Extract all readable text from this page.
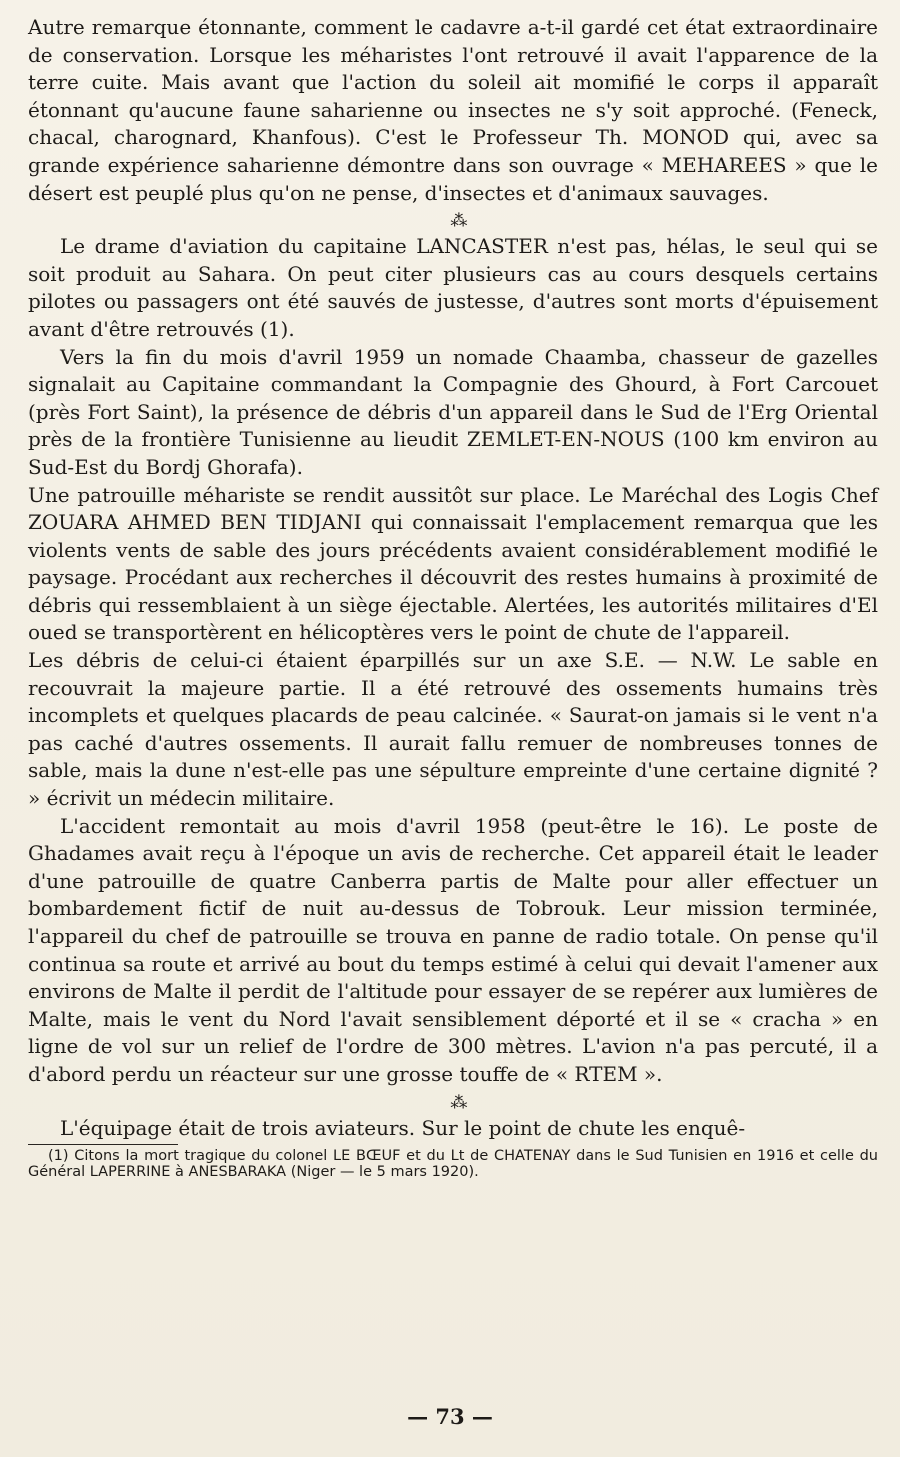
Autre remarque étonnante, comment le cadavre a-t-il gardé cet état extraordinaire de conservation. Lorsque les méharistes l'ont retrouvé il avait l'apparence de la terre cuite. Mais avant que l'action du soleil ait momifié le corps il apparaît étonnant qu'aucune faune saharienne ou insectes ne s'y soit approché. (Feneck, chacal, charognard, Khanfous). C'est le Professeur Th. MONOD qui, avec sa grande expérience saharienne démontre dans son ouvrage « MEHAREES » que le désert est peuplé plus qu'on ne pense, d'insectes et d'animaux sauvages.

⁂

Le drame d'aviation du capitaine LANCASTER n'est pas, hélas, le seul qui se soit produit au Sahara. On peut citer plusieurs cas au cours desquels certains pilotes ou passagers ont été sauvés de justesse, d'autres sont morts d'épuisement avant d'être retrouvés (1).

Vers la fin du mois d'avril 1959 un nomade Chaamba, chasseur de gazelles signalait au Capitaine commandant la Compagnie des Ghourd, à Fort Carcouet (près Fort Saint), la présence de débris d'un appareil dans le Sud de l'Erg Oriental près de la frontière Tunisienne au lieudit ZEMLET-EN-NOUS (100 km environ au Sud-Est du Bordj Ghorafa).

Une patrouille méhariste se rendit aussitôt sur place. Le Maréchal des Logis Chef ZOUARA AHMED BEN TIDJANI qui connaissait l'emplacement remarqua que les violents vents de sable des jours précédents avaient considérablement modifié le paysage. Procédant aux recherches il découvrit des restes humains à proximité de débris qui ressemblaient à un siège éjectable. Alertées, les autorités militaires d'El oued se transportèrent en hélicoptères vers le point de chute de l'appareil.

Les débris de celui-ci étaient éparpillés sur un axe S.E. — N.W. Le sable en recouvrait la majeure partie. Il a été retrouvé des ossements humains très incomplets et quelques placards de peau calcinée. « Saurat-on jamais si le vent n'a pas caché d'autres ossements. Il aurait fallu remuer de nombreuses tonnes de sable, mais la dune n'est-elle pas une sépulture empreinte d'une certaine dignité ? » écrivit un médecin militaire.

L'accident remontait au mois d'avril 1958 (peut-être le 16). Le poste de Ghadames avait reçu à l'époque un avis de recherche. Cet appareil était le leader d'une patrouille de quatre Canberra partis de Malte pour aller effectuer un bombardement fictif de nuit au-dessus de Tobrouk. Leur mission terminée, l'appareil du chef de patrouille se trouva en panne de radio totale. On pense qu'il continua sa route et arrivé au bout du temps estimé à celui qui devait l'amener aux environs de Malte il perdit de l'altitude pour essayer de se repérer aux lumières de Malte, mais le vent du Nord l'avait sensiblement déporté et il se « cracha » en ligne de vol sur un relief de l'ordre de 300 mètres. L'avion n'a pas percuté, il a d'abord perdu un réacteur sur une grosse touffe de « RTEM ».

⁂

L'équipage était de trois aviateurs. Sur le point de chute les enquê-

(1) Citons la mort tragique du colonel LE BŒUF et du Lt de CHATENAY dans le Sud Tunisien en 1916 et celle du Général LAPERRINE à ANESBARAKA (Niger — le 5 mars 1920).

— 73 —
